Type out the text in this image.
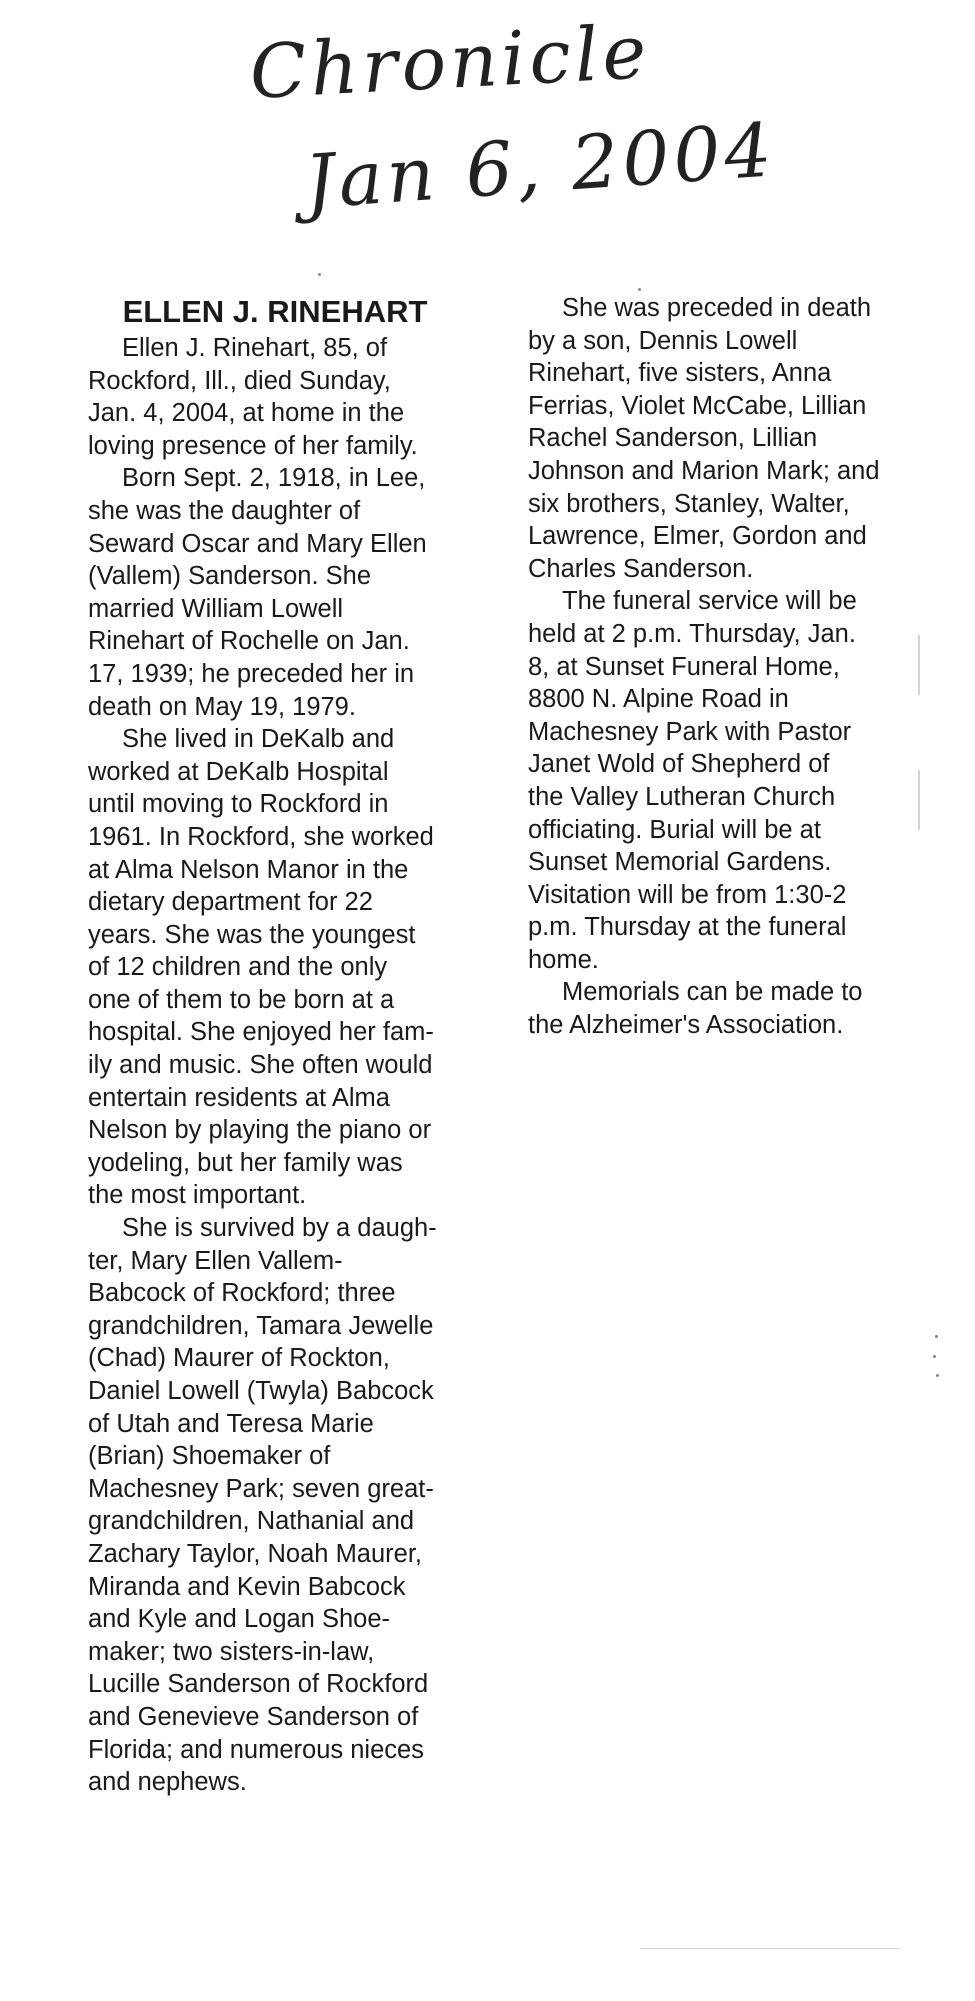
Chronicle
Jan 6, 2004
ELLEN J. RINEHART

Ellen J. Rinehart, 85, of
Rockford, Ill., died Sunday,
Jan. 4, 2004, at home in the
loving presence of her family.

Born Sept. 2, 1918, in Lee,
she was the daughter of
Seward Oscar and Mary Ellen
(Vallem) Sanderson. She
married William Lowell
Rinehart of Rochelle on Jan.
17, 1939; he preceded her in
death on May 19, 1979.

She lived in DeKalb and
worked at DeKalb Hospital
until moving to Rockford in
1961. In Rockford, she worked
at Alma Nelson Manor in the
dietary department for 22
years. She was the youngest
of 12 children and the only
one of them to be born at a
hospital. She enjoyed her fam-
ily and music. She often would
entertain residents at Alma
Nelson by playing the piano or
yodeling, but her family was
the most important.

She is survived by a daugh-
ter, Mary Ellen Vallem-
Babcock of Rockford; three
grandchildren, Tamara Jewelle
(Chad) Maurer of Rockton,
Daniel Lowell (Twyla) Babcock
of Utah and Teresa Marie
(Brian) Shoemaker of
Machesney Park; seven great-
grandchildren, Nathanial and
Zachary Taylor, Noah Maurer,
Miranda and Kevin Babcock
and Kyle and Logan Shoe-
maker; two sisters-in-law,
Lucille Sanderson of Rockford
and Genevieve Sanderson of
Florida; and numerous nieces
and nephews.

She was preceded in death
by a son, Dennis Lowell
Rinehart, five sisters, Anna
Ferrias, Violet McCabe, Lillian
Rachel Sanderson, Lillian
Johnson and Marion Mark; and
six brothers, Stanley, Walter,
Lawrence, Elmer, Gordon and
Charles Sanderson.

The funeral service will be
held at 2 p.m. Thursday, Jan.
8, at Sunset Funeral Home,
8800 N. Alpine Road in
Machesney Park with Pastor
Janet Wold of Shepherd of
the Valley Lutheran Church
officiating. Burial will be at
Sunset Memorial Gardens.
Visitation will be from 1:30-2
p.m. Thursday at the funeral
home.

Memorials can be made to
the Alzheimer's Association.
